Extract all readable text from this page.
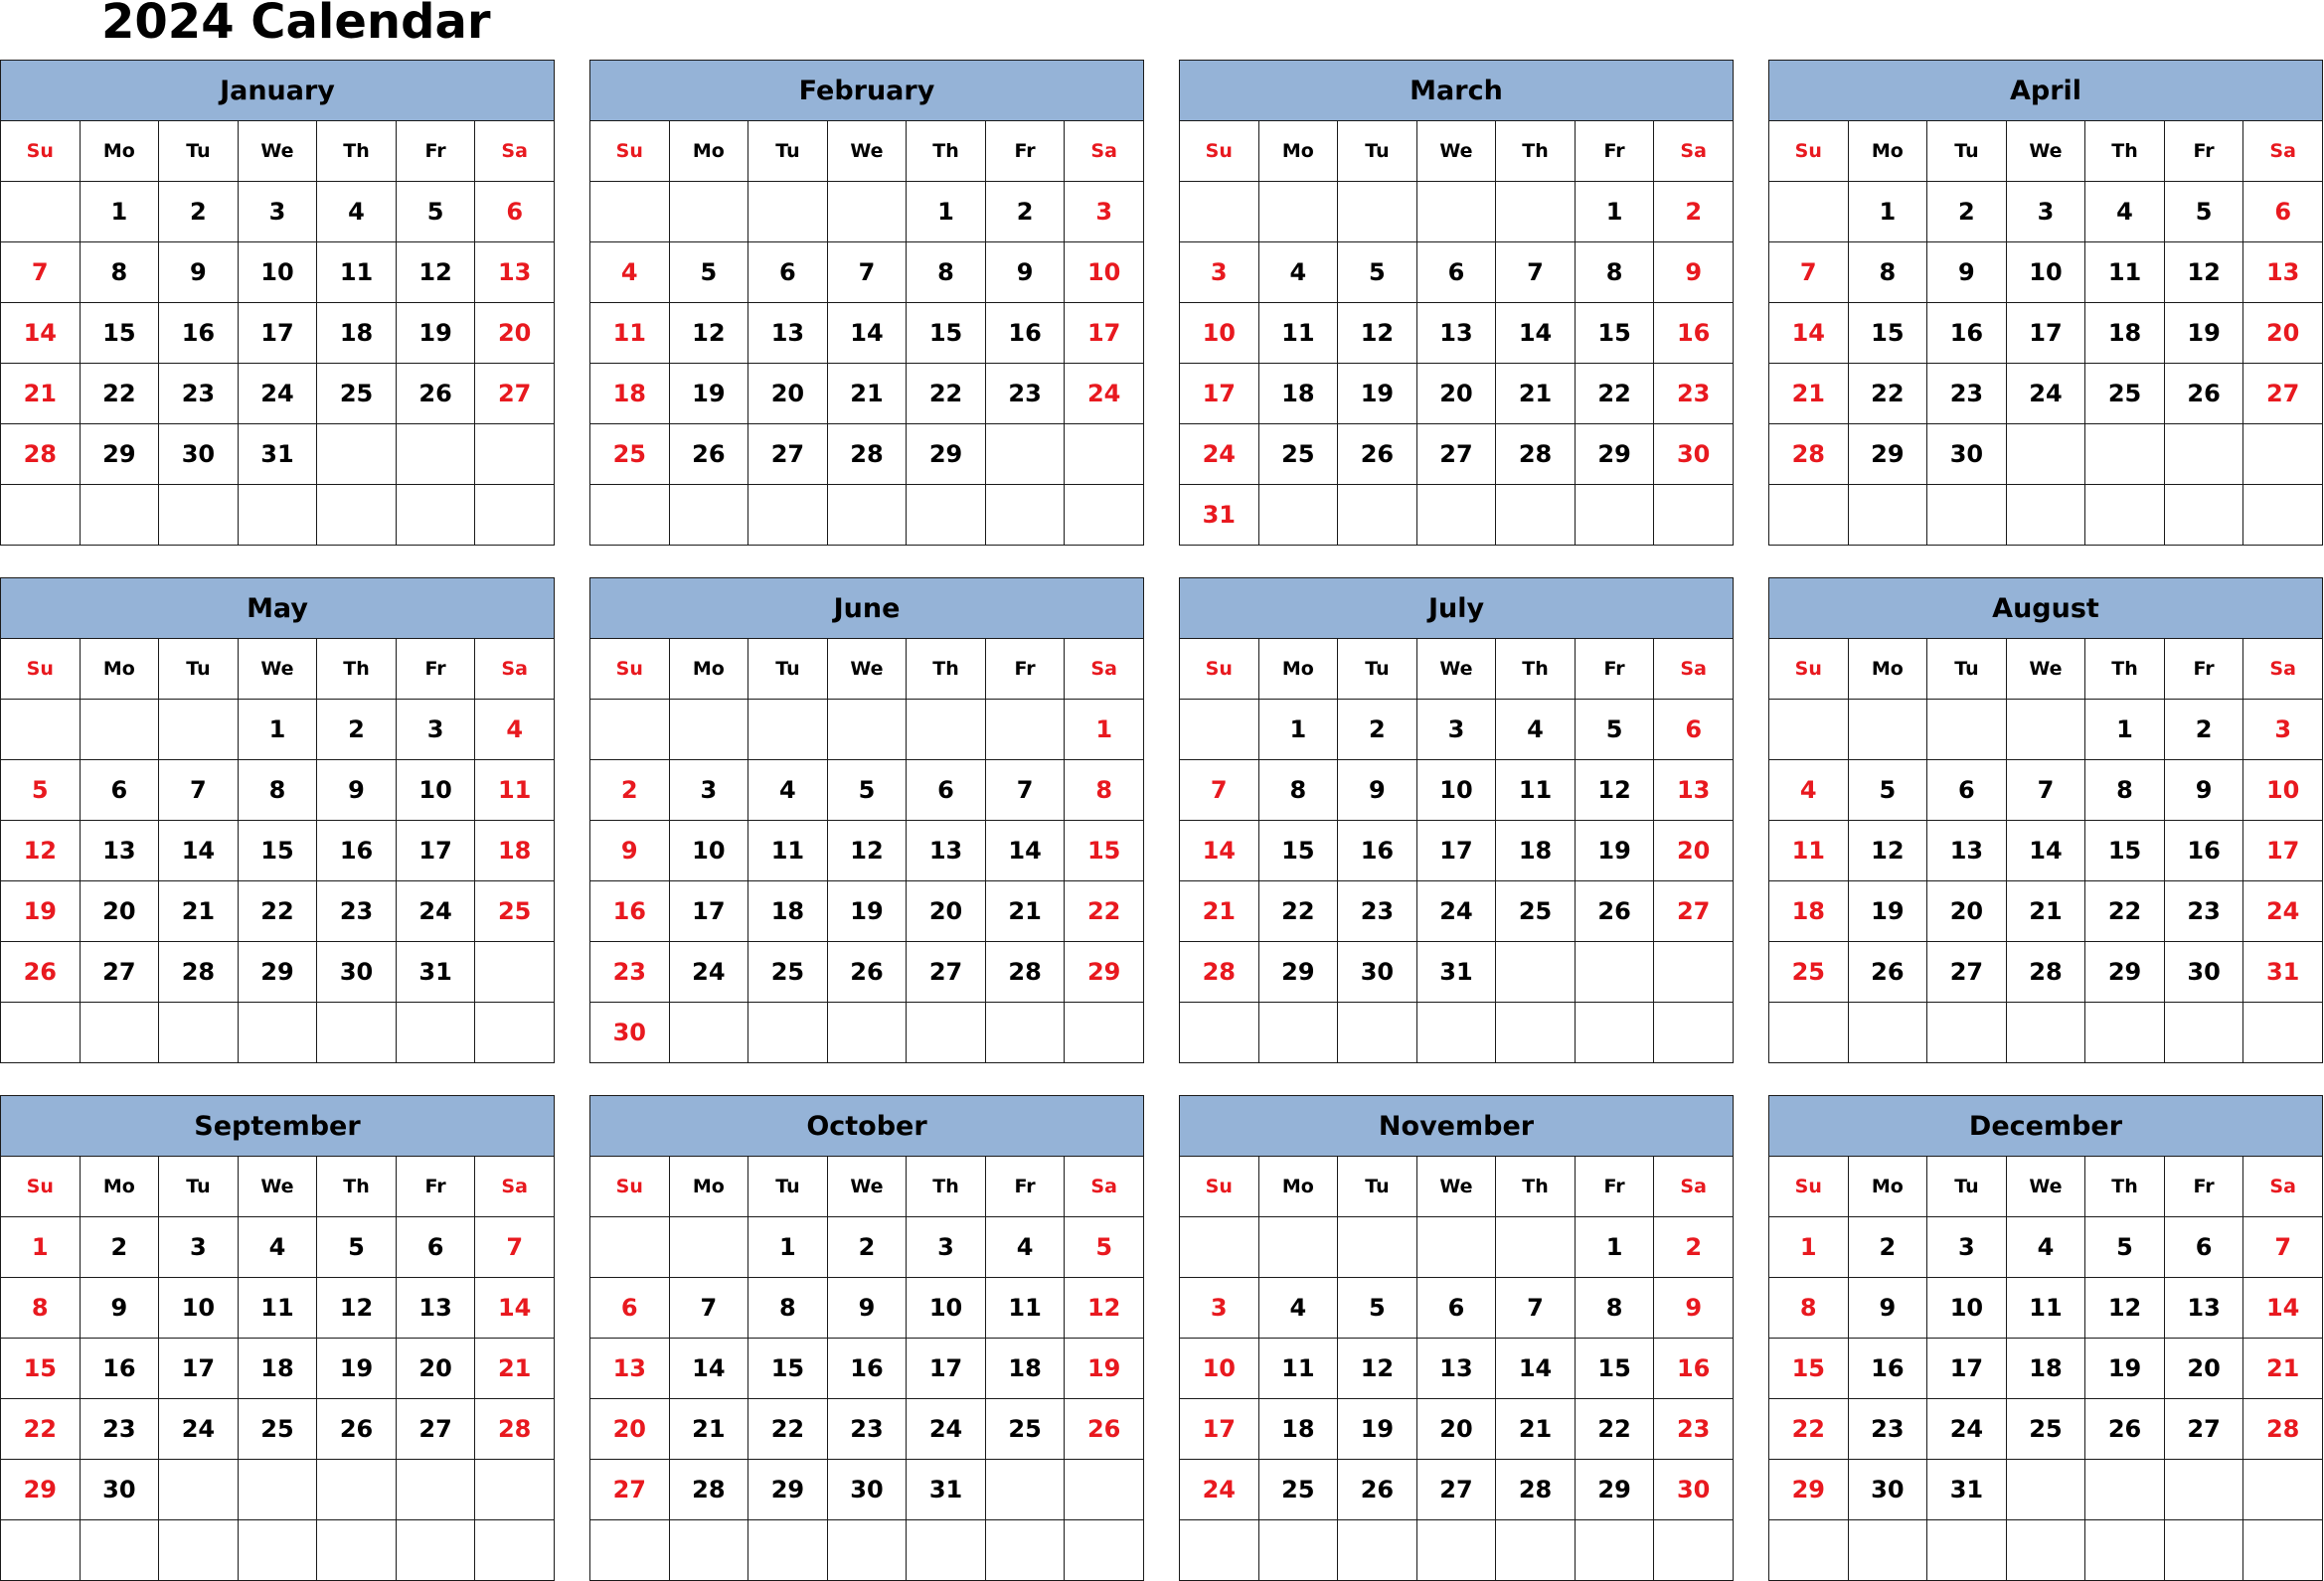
2024 Calendar
January						
Su	Mo	Tu	We	Th	Fr	Sa
	1	2	3	4	5	6
7	8	9	10	11	12	13
14	15	16	17	18	19	20
21	22	23	24	25	26	27
28	29	30	31			

February						
Su	Mo	Tu	We	Th	Fr	Sa
				1	2	3
4	5	6	7	8	9	10
11	12	13	14	15	16	17
18	19	20	21	22	23	24
25	26	27	28	29		

March						
Su	Mo	Tu	We	Th	Fr	Sa
					1	2
3	4	5	6	7	8	9
10	11	12	13	14	15	16
17	18	19	20	21	22	23
24	25	26	27	28	29	30
31						
April						
Su	Mo	Tu	We	Th	Fr	Sa
	1	2	3	4	5	6
7	8	9	10	11	12	13
14	15	16	17	18	19	20
21	22	23	24	25	26	27
28	29	30				

May						
Su	Mo	Tu	We	Th	Fr	Sa
			1	2	3	4
5	6	7	8	9	10	11
12	13	14	15	16	17	18
19	20	21	22	23	24	25
26	27	28	29	30	31	

June						
Su	Mo	Tu	We	Th	Fr	Sa
						1
2	3	4	5	6	7	8
9	10	11	12	13	14	15
16	17	18	19	20	21	22
23	24	25	26	27	28	29
30						
July						
Su	Mo	Tu	We	Th	Fr	Sa
	1	2	3	4	5	6
7	8	9	10	11	12	13
14	15	16	17	18	19	20
21	22	23	24	25	26	27
28	29	30	31			

August						
Su	Mo	Tu	We	Th	Fr	Sa
				1	2	3
4	5	6	7	8	9	10
11	12	13	14	15	16	17
18	19	20	21	22	23	24
25	26	27	28	29	30	31

September						
Su	Mo	Tu	We	Th	Fr	Sa
1	2	3	4	5	6	7
8	9	10	11	12	13	14
15	16	17	18	19	20	21
22	23	24	25	26	27	28
29	30					

October						
Su	Mo	Tu	We	Th	Fr	Sa
		1	2	3	4	5
6	7	8	9	10	11	12
13	14	15	16	17	18	19
20	21	22	23	24	25	26
27	28	29	30	31		

November						
Su	Mo	Tu	We	Th	Fr	Sa
					1	2
3	4	5	6	7	8	9
10	11	12	13	14	15	16
17	18	19	20	21	22	23
24	25	26	27	28	29	30

December						
Su	Mo	Tu	We	Th	Fr	Sa
1	2	3	4	5	6	7
8	9	10	11	12	13	14
15	16	17	18	19	20	21
22	23	24	25	26	27	28
29	30	31				
